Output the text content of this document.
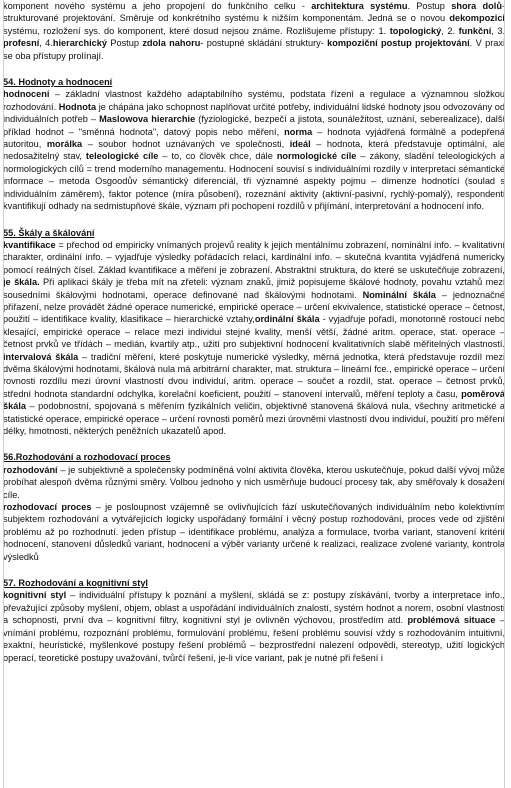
komponent nového systému a jeho propojení do funkčního celku - architektura systému. Postup shora dolů- strukturované projektování. Směruje od konkrétního systému k nižším komponentám. Jedná se o novou dekompozici systému, rozložení sys. do komponent, které dosud nejsou známe. Rozlišujeme přístupy: 1. topologický, 2. funkční, 3. profesní, 4.hierarchický Postup zdola nahoru- postupné skládání struktury- kompoziční postup projektování. V praxi se oba přístupy prolínají.

54. Hodnoty a hodnocení

hodnocení – základní vlastnost každého adaptabilního systému, podstata řízení a regulace a významnou složkou rozhodování. Hodnota je chápána jako schopnost naplňovat určité potřeby, individuální lidské hodnoty jsou odvozovány od individuálních potřeb – Maslowova hierarchie (fyziologické, bezpečí a jistota, sounáležitost, uznání, seberealizace), další příklad hodnot – "směnná hodnota", datový popis nebo měření, norma – hodnota vyjádřená formálně a podepřená autoritou, morálka – soubor hodnot uznávaných ve společnosti, ideál – hodnota, která představuje optimální, ale nedosažitelný stav, teleologické cíle – to, co člověk chce, dále normologické cíle – zákony, sladění teleologických a normologických cílů = trend moderního managementu. Hodnocení souvisí s individuálními rozdíly v interpretaci sémantické informace – metoda Osgoodův sémantický diferenciál, tři významné aspekty pojmu – dimenze hodnotící (soulad s individuálním záměrem), faktor potence (míra působení), rozeznání aktivity (aktivní-pasivní, rychlý-pomalý), respondenti kvantifikují odhady na sedmistupňové škále, význam při pochopení rozdílů v přijímání, interpretování a hodnocení info.

55. Škály a škálování

kvantifikace = přechod od empiricky vnímaných projevů reality k jejich mentálnímu zobrazení, nominální info. – kvalitativní charakter, ordinální info. – vyjadřuje výsledky pořádacích relací, kardinální info. – skutečná kvantita vyjádřená numericky pomocí reálných čísel. Základ kvantifikace a měření je zobrazení. Abstraktní struktura, do které se uskutečňuje zobrazení, je škála. Při aplikaci škály je třeba mít na zřeteli: význam znaků, jimiž popisujeme škálové hodnoty, povahu vztahů mezi sousedními škálovými hodnotami, operace definované nad škálovými hodnotami. Nominální škála – jednoznačné přiřazení, nelze provádět žádné operace numerické, empirické operace – určení ekvivalence, statistické operace – četnost, použití – identifikace kvality, klasifikace – hierarchické vztahy,ordinální škála - vyjadřuje pořadí, monotonně rostoucí nebo klesající, empirické operace – relace mezi individui stejné kvality, menší větší, žádné aritm. operace, stat. operace – četnost prvků ve třídách – medián, kvartily atp., užití pro subjektivní hodnocení kvalitativních slabě měřitelných vlastností. intervalová škála – tradiční měření, které poskytuje numerické výsledky, měrná jednotka, která představuje rozdíl mezi dvěma škálovými hodnotami, škálová nula má arbitrární charakter, mat. struktura – lineární fce., empirické operace – určení rovnosti rozdílu mezi úrovní vlastností dvou individuí, aritm. operace – součet a rozdíl, stat. operace – četnost prvků, střední hodnota standardní odchylka, korelační koeficient, použití – stanovení intervalů, měření teploty a času, poměrová škála – podobnostní, spojovaná s měřením fyzikálních veličin, objektivně stanovená škálová nula, všechny aritmetické a statistické operace, empirické operace – určení rovnosti poměrů mezi úrovněmi vlastností dvou individuí, použití pro měření délky, hmotnosti, některých peněžních ukazatelů apod.

56.Rozhodování a rozhodovací proces

rozhodování – je subjektivně a společensky podmíněná volní aktivita člověka, kterou uskutečňuje, pokud další vývoj může probíhat alespoň dvěma různými směry. Volbou jednoho y nich usměrňuje budoucí procesy tak, aby směřovaly k dosažení cíle.

rozhodovací proces – je posloupnost vzájemně se ovlivňujících fází uskutečňovaných individuálním nebo kolektivním subjektem rozhodování a vytvářejících logicky uspořádaný formální i věcný postup rozhodování, proces vede od zjištění problému až po rozhodnutí. jeden přístup – identifikace problému, analýza a formulace, tvorba variant, stanovení kritérií hodnocení, stanovení důsledků variant, hodnocení a výběr varianty určené k realizaci, realizace zvolené varianty, kontrola výsledků

57. Rozhodování a kognitivní styl

kognitivní styl – individuální přístupy k poznání a myšlení, skládá se z: postupy získávání, tvorby a interpretace info., převažující způsoby myšlení, objem, oblast a uspořádání individuálních znalostí, systém hodnot a norem, osobní vlastnosti a schopnosti, první dva – kognitivní filtry, kognitivní styl je ovlivněn výchovou, prostředím atd. problémová situace – vnímání problému, rozpoznání problému, formulování problému, řešení problému souvisí vždy s rozhodováním intuitivní, exaktní, heuristické, myšlenkové postupy řešení problémů – bezprostřední nalezení odpovědi, stereotyp, užití logických operací, teoretické postupy uvažování, tvůrčí řešení, je-li více variant, pak je nutné při řešení i
